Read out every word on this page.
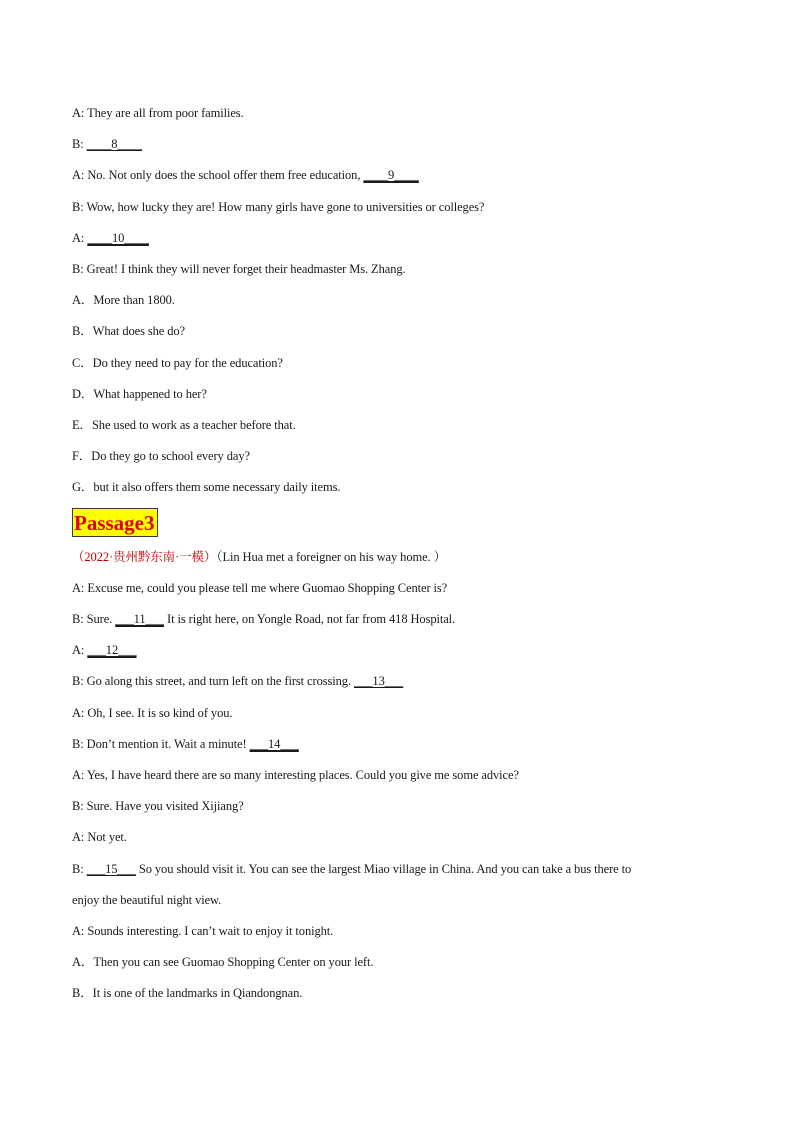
A: They are all from poor families.
B: ____8____
A: No. Not only does the school offer them free education, ____9____
B: Wow, how lucky they are! How many girls have gone to universities or colleges?
A: ____10____
B: Great! I think they will never forget their headmaster Ms. Zhang.
A．More than 1800.
B．What does she do?
C．Do they need to pay for the education?
D．What happened to her?
E．She used to work as a teacher before that.
F．Do they go to school every day?
G．but it also offers them some necessary daily items.
Passage3
（2022·贵州黔东南·一模）（Lin Hua met a foreigner on his way home. ）
A: Excuse me, could you please tell me where Guomao Shopping Center is?
B: Sure. ___11___ It is right here, on Yongle Road, not far from 418 Hospital.
A: ___12___
B: Go along this street, and turn left on the first crossing. ___13___
A: Oh, I see. It is so kind of you.
B: Don’t mention it. Wait a minute! ___14___
A: Yes, I have heard there are so many interesting places. Could you give me some advice?
B: Sure. Have you visited Xijiang?
A: Not yet.
B: ___15___ So you should visit it. You can see the largest Miao village in China. And you can take a bus there to
enjoy the beautiful night view.
A: Sounds interesting. I can’t wait to enjoy it tonight.
A．Then you can see Guomao Shopping Center on your left.
B．It is one of the landmarks in Qiandongnan.
